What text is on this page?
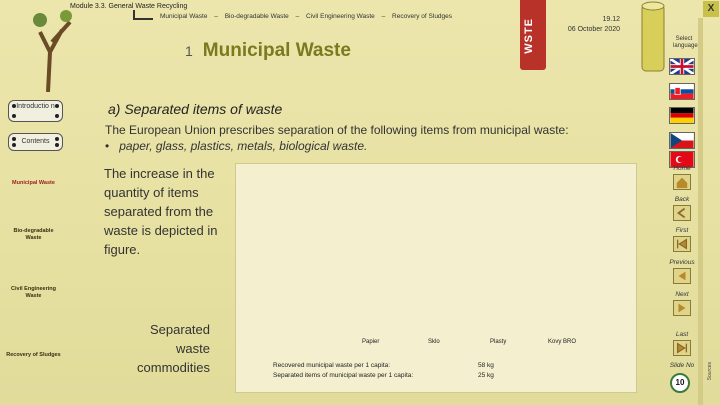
Module 3.3. General Waste Recycling
Municipal Waste – Bio-degradable Waste – Civil Engineering Waste – Recovery of Sludges
1 Municipal Waste	WSTE	19.12
06 October 2020
X
Select language
Home
Back
First
Previous
Next
Last
Slide No
10
Sources
Introductio n
Contents
Municipal Waste
Bio-degradable Waste
Civil Engineering Waste
Recovery of Sludges
a) Separated items of waste
The European Union prescribes separation of the following items from municipal waste:
• paper, glass, plastics, metals, biological waste.
The increase in the quantity of items separated from the waste is depicted in figure.
Separated waste commodities
Papier	Sklo	Plasty	Kovy BRO
Recovered municipal waste per 1 capita:	58 kg
Separated items of municipal waste per 1 capita:	25 kg
